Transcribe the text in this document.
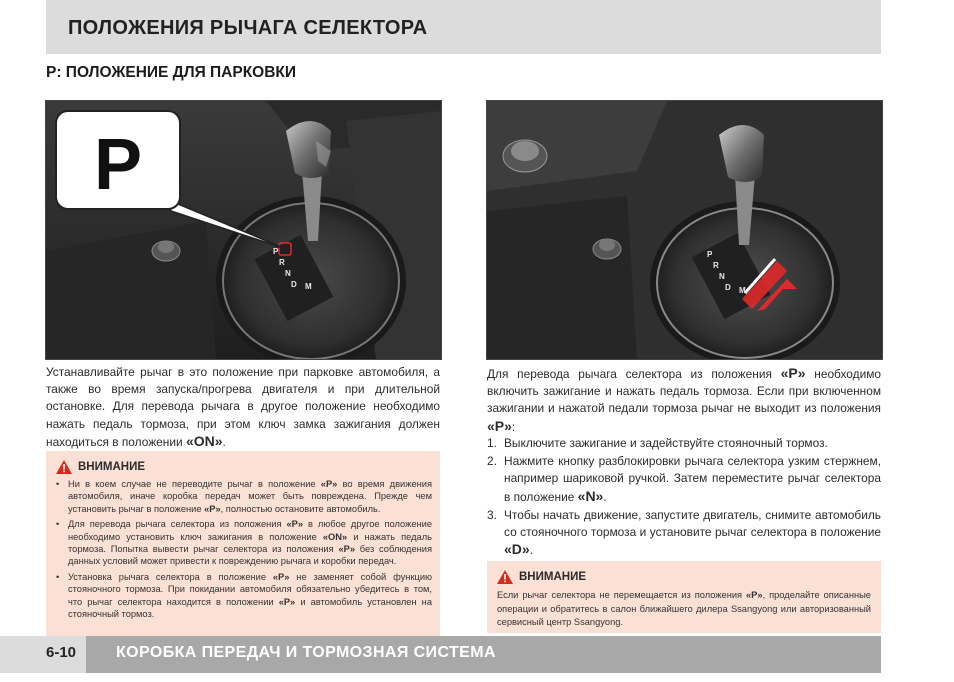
ПОЛОЖЕНИЯ РЫЧАГА СЕЛЕКТОРА
P: ПОЛОЖЕНИЕ ДЛЯ ПАРКОВКИ
P
R
N
D M
P
P
R
N
D M
Устанавливайте рычаг в это положение при парковке автомобиля, а также во время запуска/прогрева двигателя и при длительной остановке. Для перевода рычага в другое положение необходимо нажать педаль тормоза, при этом ключ замка зажигания должен находиться в положении «ON».
ВНИМАНИЕ
• Ни в коем случае не переводите рычаг в положение «P» во время движения автомобиля, иначе коробка передач может быть повреждена. Прежде чем установить рычаг в положение «P», полностью остановите автомобиль.
• Для перевода рычага селектора из положения «P» в любое другое положение необходимо установить ключ зажигания в положение «ON» и нажать педаль тормоза. Попытка вывести рычаг селектора из положения «P» без соблюдения данных условий может привести к повреждению рычага и коробки передач.
• Установка рычага селектора в положение «P» не заменяет собой функцию стояночного тормоза. При покидании автомобиля обязательно убедитесь в том, что рычаг селектора находится в положении «P» и автомобиль установлен на стояночный тормоз.
Для перевода рычага селектора из положения «P» необходимо включить зажигание и нажать педаль тормоза. Если при включенном зажигании и нажатой педали тормоза рычаг не выходит из положения «P»:
1. Выключите зажигание и задействуйте стояночный тормоз.
2. Нажмите кнопку разблокировки рычага селектора узким стержнем, например шариковой ручкой. Затем переместите рычаг селектора в положение «N».
3. Чтобы начать движение, запустите двигатель, снимите автомобиль со стояночного тормоза и установите рычаг селектора в положение «D».
ВНИМАНИЕ
Если рычаг селектора не перемещается из положения «P», проделайте описанные операции и обратитесь в салон ближайшего дилера Ssangyong или авторизованный сервисный центр Ssangyong.
6-10 КОРОБКА ПЕРЕДАЧ И ТОРМОЗНАЯ СИСТЕМА
